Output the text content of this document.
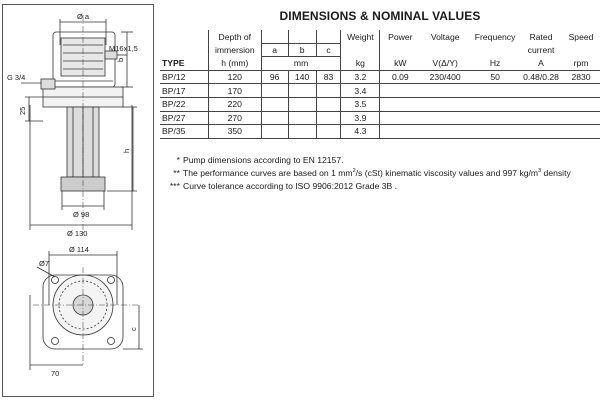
Ø a
M16x1,5
G 3/4
b
25
h
Ø 98
Ø 130
Ø 114
Ø7
c
70
DIMENSIONS & NOMINAL VALUES
	Depth of				Weight	Power	Voltage	Frequency	Rated	Speed
	immersion	a	b	c					current	
TYPE	h (mm)	mm			kg	kW	V(Δ/Y)	Hz	A	rpm
BP/12	120	96	140	83	3.2	0.09	230/400	50	0.48/0.28	2830
BP/17	170				3.4					
BP/22	220				3.5					
BP/27	270				3.9					
BP/35	350				4.3					
* Pump dimensions according to EN 12157.
** The performance curves are based on 1 $mm^2/s$ (cSt) kinematic viscosity values and 997 $kg/m^3$ density
*** Curve tolerance according to ISO 9906:2012 Grade 3B .
